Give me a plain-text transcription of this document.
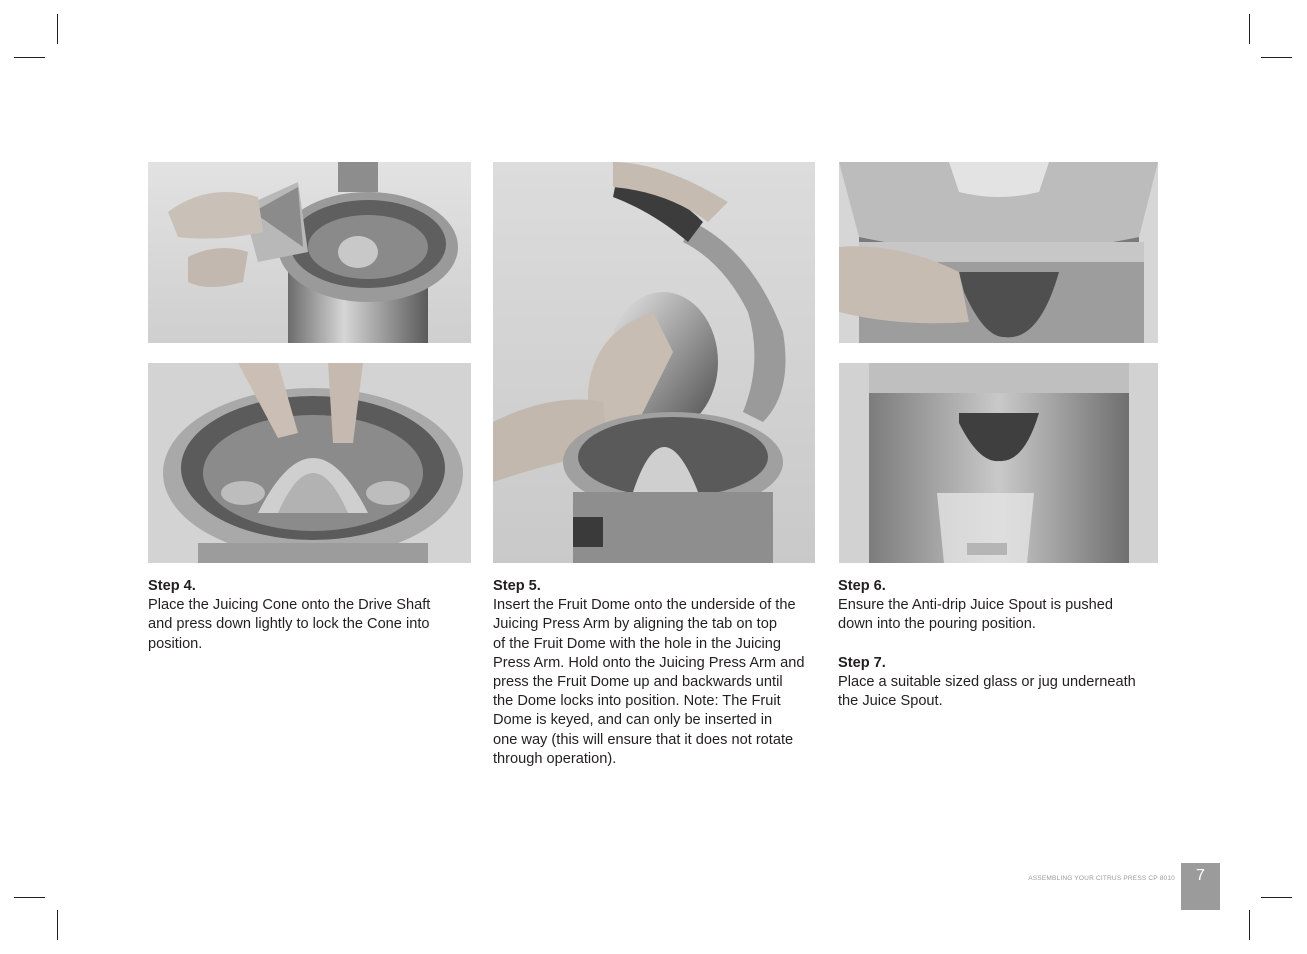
Step 4.
Place the Juicing Cone onto the Drive Shaft
and press down lightly to lock the Cone into
position.
Step 5.
Insert the Fruit Dome onto the underside of the
Juicing Press Arm by aligning the tab on top
of the Fruit Dome with the hole in the Juicing
Press Arm. Hold onto the Juicing Press Arm and
press the Fruit Dome up and backwards until
the Dome locks into position. Note: The Fruit
Dome is keyed, and can only be inserted in
one way (this will ensure that it does not rotate
through operation).
Step 6.
Ensure the Anti-drip Juice Spout is pushed
down into the pouring position.
Step 7.
Place a suitable sized glass or jug underneath
the Juice Spout.
ASSEMBLING YOUR CITRUS PRESS CP 8010	7
